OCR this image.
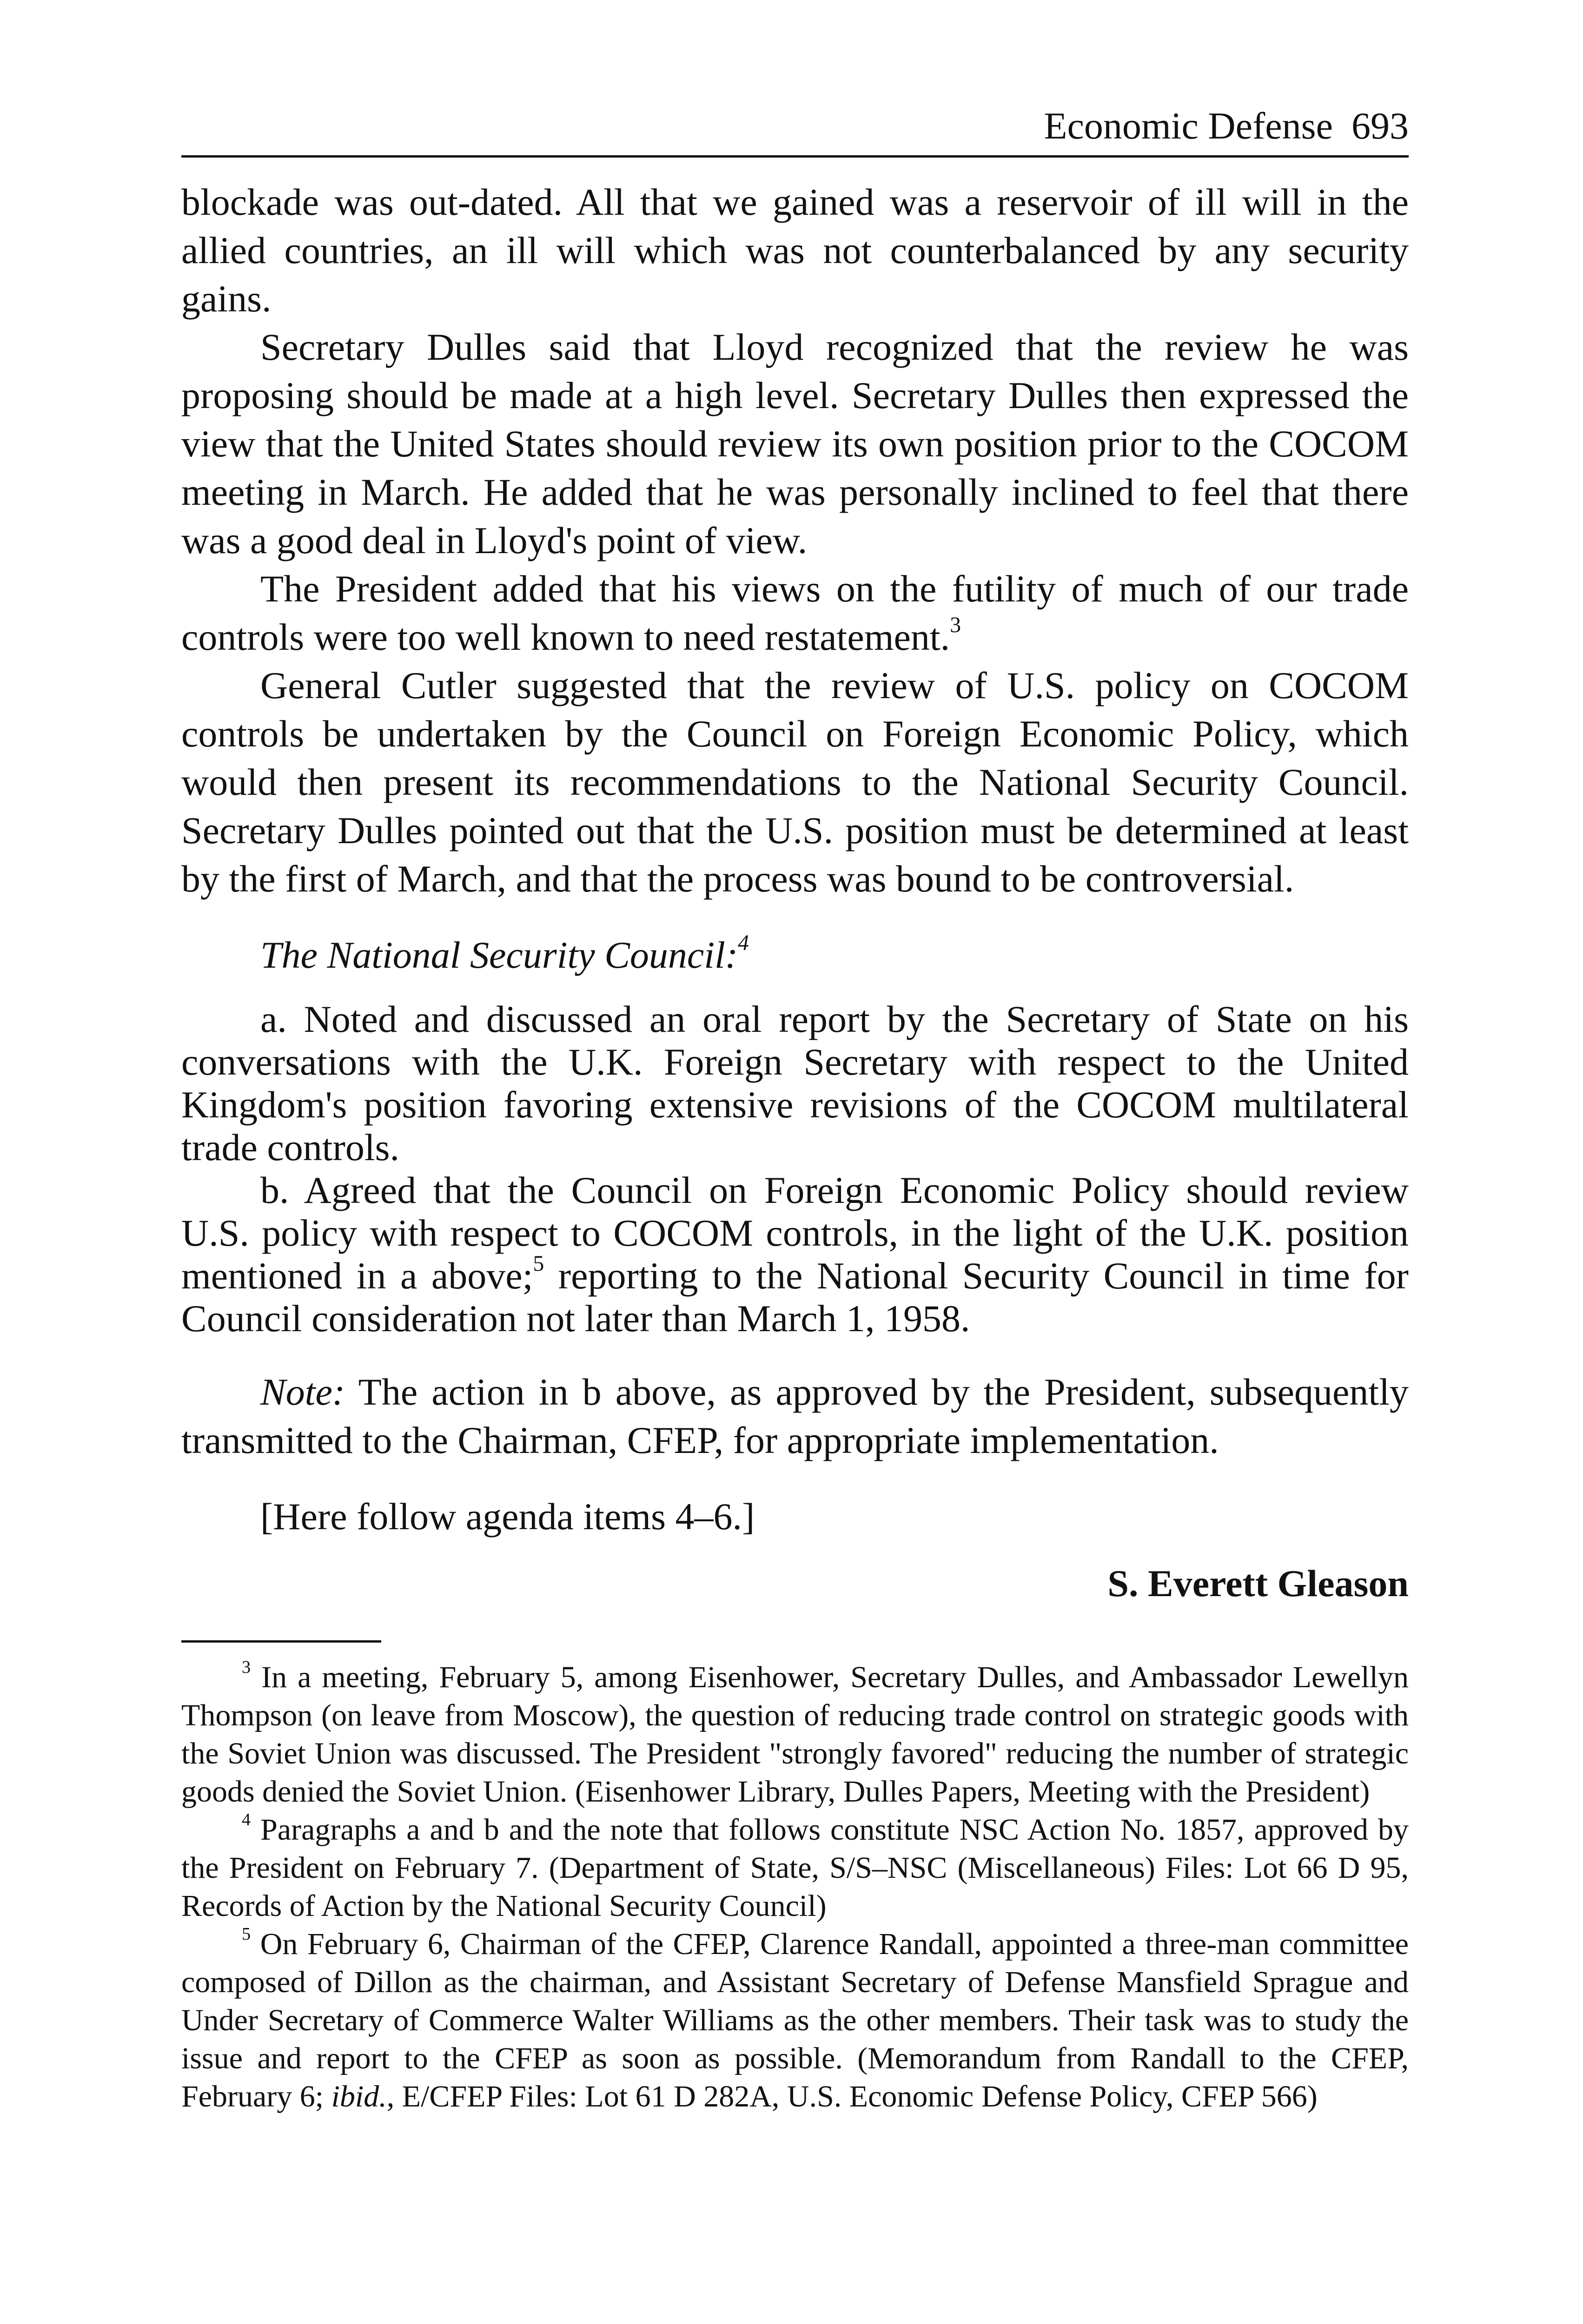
Economic Defense 693

blockade was out-dated. All that we gained was a reservoir of ill will in the allied countries, an ill will which was not counterbalanced by any security gains.

Secretary Dulles said that Lloyd recognized that the review he was proposing should be made at a high level. Secretary Dulles then expressed the view that the United States should review its own position prior to the COCOM meeting in March. He added that he was personally inclined to feel that there was a good deal in Lloyd's point of view.

The President added that his views on the futility of much of our trade controls were too well known to need restatement.$^3$

General Cutler suggested that the review of U.S. policy on COCOM controls be undertaken by the Council on Foreign Economic Policy, which would then present its recommendations to the National Security Council. Secretary Dulles pointed out that the U.S. position must be determined at least by the first of March, and that the process was bound to be controversial.

The National Security Council:$^4$

a. Noted and discussed an oral report by the Secretary of State on his conversations with the U.K. Foreign Secretary with respect to the United Kingdom's position favoring extensive revisions of the COCOM multilateral trade controls.

b. Agreed that the Council on Foreign Economic Policy should review U.S. policy with respect to COCOM controls, in the light of the U.K. position mentioned in a above;$^5$ reporting to the National Security Council in time for Council consideration not later than March 1, 1958.

Note: The action in b above, as approved by the President, subsequently transmitted to the Chairman, CFEP, for appropriate implementation.

[Here follow agenda items 4–6.]
S. Everett Gleason

$^3$ In a meeting, February 5, among Eisenhower, Secretary Dulles, and Ambassador Lewellyn Thompson (on leave from Moscow), the question of reducing trade control on strategic goods with the Soviet Union was discussed. The President "strongly favored" reducing the number of strategic goods denied the Soviet Union. (Eisenhower Library, Dulles Papers, Meeting with the President)

$^4$ Paragraphs a and b and the note that follows constitute NSC Action No. 1857, approved by the President on February 7. (Department of State, S/S–NSC (Miscellaneous) Files: Lot 66 D 95, Records of Action by the National Security Council)

$^5$ On February 6, Chairman of the CFEP, Clarence Randall, appointed a three-man committee composed of Dillon as the chairman, and Assistant Secretary of Defense Mansfield Sprague and Under Secretary of Commerce Walter Williams as the other members. Their task was to study the issue and report to the CFEP as soon as possible. (Memorandum from Randall to the CFEP, February 6; ibid., E/CFEP Files: Lot 61 D 282A, U.S. Economic Defense Policy, CFEP 566)
